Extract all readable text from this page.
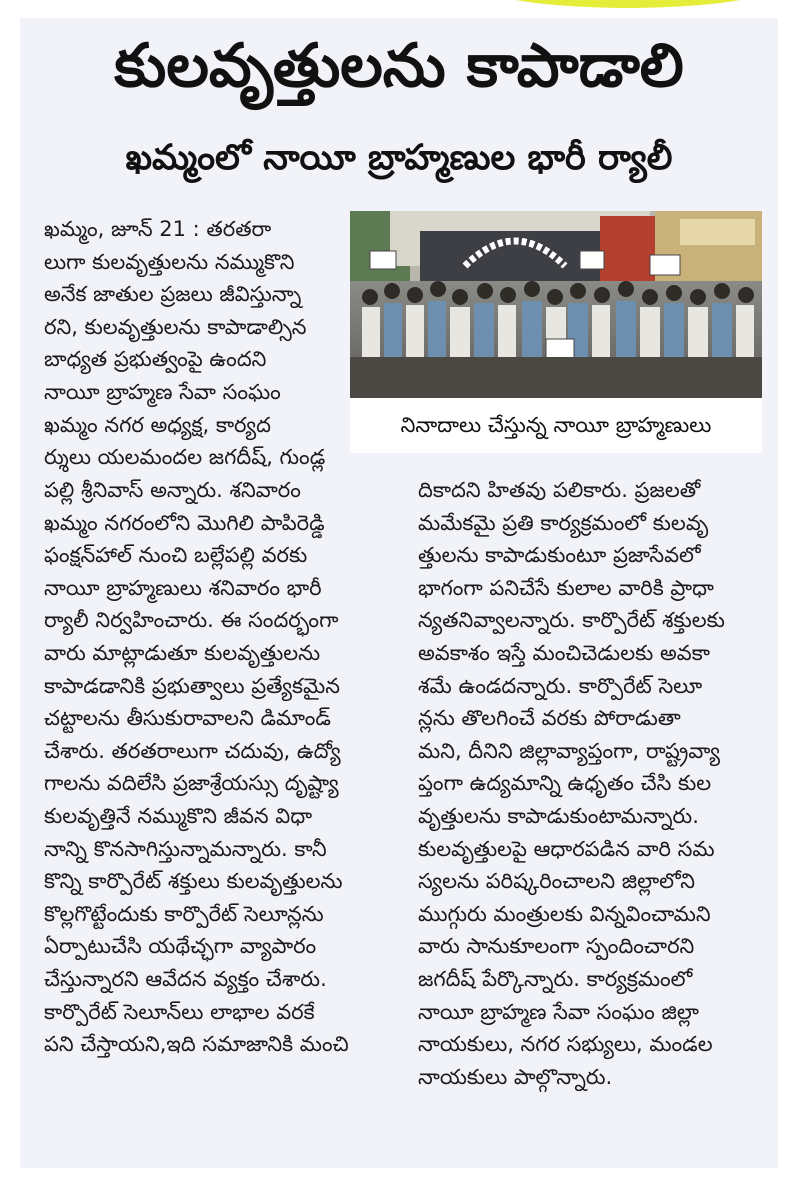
కులవృత్తులను కాపాడాలి
ఖమ్మంలో నాయీ బ్రాహ్మణుల భారీ ర్యాలీ
ఖమ్మం, జూన్ 21 : తరతరా
లుగా కులవృత్తులను నమ్ముకొని
అనేక జాతుల ప్రజలు జీవిస్తున్నా
రని, కులవృత్తులను కాపాడాల్సిన
బాధ్యత ప్రభుత్వంపై ఉందని
నాయీ బ్రాహ్మణ సేవా సంఘం
ఖమ్మం నగర అధ్యక్ష, కార్యద
ర్శులు యలమందల జగదీష్, గుండ్ల
నినాదాలు చేస్తున్న నాయీ బ్రాహ్మణులు
పల్లి శ్రీనివాస్ అన్నారు. శనివారం
ఖమ్మం నగరంలోని మొగిలి పాపిరెడ్డి
ఫంక్షన్‌హాల్ నుంచి బల్లేపల్లి వరకు
నాయీ బ్రాహ్మణులు శనివారం భారీ
ర్యాలీ నిర్వహించారు. ఈ సందర్భంగా
వారు మాట్లాడుతూ కులవృత్తులను
కాపాడడానికి ప్రభుత్వాలు ప్రత్యేకమైన
చట్టాలను తీసుకురావాలని డిమాండ్
చేశారు. తరతరాలుగా చదువు, ఉద్యో
గాలను వదిలేసి ప్రజాశ్రేయస్సు దృష్ట్యా
కులవృత్తినే నమ్ముకొని జీవన విధా
నాన్ని కొనసాగిస్తున్నామన్నారు. కానీ
కొన్ని కార్పొరేట్ శక్తులు కులవృత్తులను
కొల్లగొట్టేందుకు కార్పొరేట్ సెలూన్లను
ఏర్పాటుచేసి యథేచ్ఛగా వ్యాపారం
చేస్తున్నారని ఆవేదన వ్యక్తం చేశారు.
కార్పొరేట్ సెలూన్‌లు లాభాల వరకే
పని చేస్తాయని,ఇది సమాజానికి మంచి
దికాదని హితవు పలికారు. ప్రజలతో
మమేకమై ప్రతి కార్యక్రమంలో కులవృ
త్తులను కాపాడుకుంటూ ప్రజాసేవలో
భాగంగా పనిచేసే కులాల వారికి ప్రాధా
న్యతనివ్వాలన్నారు. కార్పొరేట్ శక్తులకు
అవకాశం ఇస్తే మంచిచెడులకు అవకా
శమే ఉండదన్నారు. కార్పొరేట్ సెలూ
న్లను తొలగించే వరకు పోరాడుతా
మని, దీనిని జిల్లావ్యాప్తంగా, రాష్ట్రవ్యా
ప్తంగా ఉద్యమాన్ని ఉధృతం చేసి కుల
వృత్తులను కాపాడుకుంటామన్నారు.
కులవృత్తులపై ఆధారపడిన వారి సమ
స్యలను పరిష్కరించాలని జిల్లాలోని
ముగ్గురు మంత్రులకు విన్నవించామని
వారు సానుకూలంగా స్పందించారని
జగదీష్ పేర్కొన్నారు. కార్యక్రమంలో
నాయీ బ్రాహ్మణ సేవా సంఘం జిల్లా
నాయకులు, నగర సభ్యులు, మండల
నాయకులు పాల్గొన్నారు.
